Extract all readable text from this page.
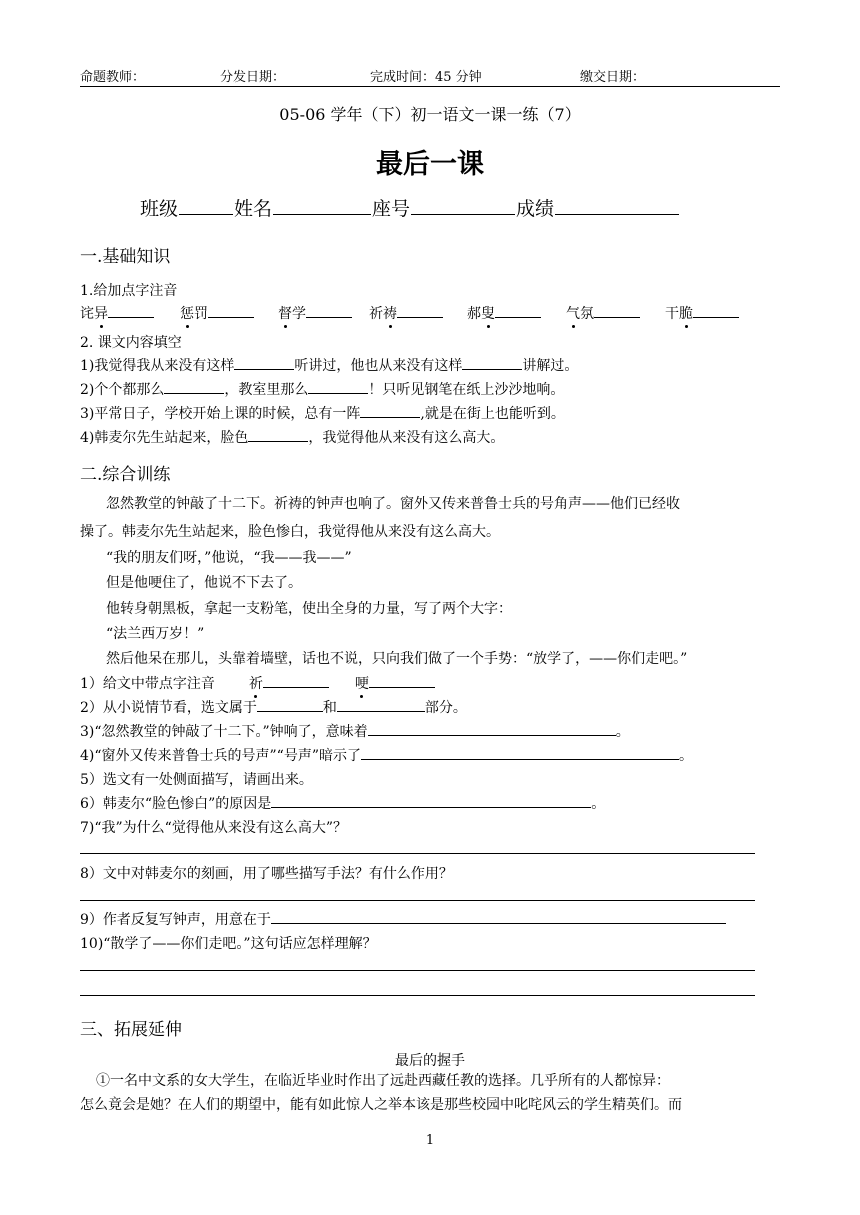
命题教师：	分发日期：	完成时间：45 分钟	缴交日期：
05-06 学年（下）初一语文一课一练（7）
最后一课
班级	姓名	座号	成绩
一.基础知识
1.给加点字注音
诧异	惩罚	督学	祈祷	郝叟	气氛	干脆
2. 课文内容填空
1)我觉得我从来没有这样	听讲过，他也从来没有这样	讲解过。
2)个个都那么	，教室里那么	！只听见钢笔在纸上沙沙地响。
3)平常日子，学校开始上课的时候，总有一阵	,就是在街上也能听到。
4)韩麦尔先生站起来，脸色	，我觉得他从来没有这么高大。
二.综合训练
忽然教堂的钟敲了十二下。祈祷的钟声也响了。窗外又传来普鲁士兵的号角声——他们已经收
操了。韩麦尔先生站起来，脸色惨白，我觉得他从来没有这么高大。
“我的朋友们呀，”他说，“我——我——”
但是他哽住了，他说不下去了。
他转身朝黑板，拿起一支粉笔，使出全身的力量，写了两个大字：
“法兰西万岁！”
然后他呆在那儿，头靠着墙壁，话也不说，只向我们做了一个手势：“放学了，——你们走吧。”
1）给文中带点字注音 祈	哽
2）从小说情节看，选文属于	和	部分。
3)“忽然教堂的钟敲了十二下。”钟响了，意味着	。
4)“窗外又传来普鲁士兵的号声”“号声”暗示了	。
5）选文有一处侧面描写，请画出来。
6）韩麦尔“脸色惨白”的原因是	。
7)“我”为什么“觉得他从来没有这么高大”？
8）文中对韩麦尔的刻画，用了哪些描写手法？有什么作用？
9）作者反复写钟声，用意在于
10)“散学了——你们走吧。”这句话应怎样理解？
三、拓展延伸
最后的握手
①一名中文系的女大学生，在临近毕业时作出了远赴西藏任教的选择。几乎所有的人都惊异：
怎么竟会是她？在人们的期望中，能有如此惊人之举本该是那些校园中叱咤风云的学生精英们。而
1
